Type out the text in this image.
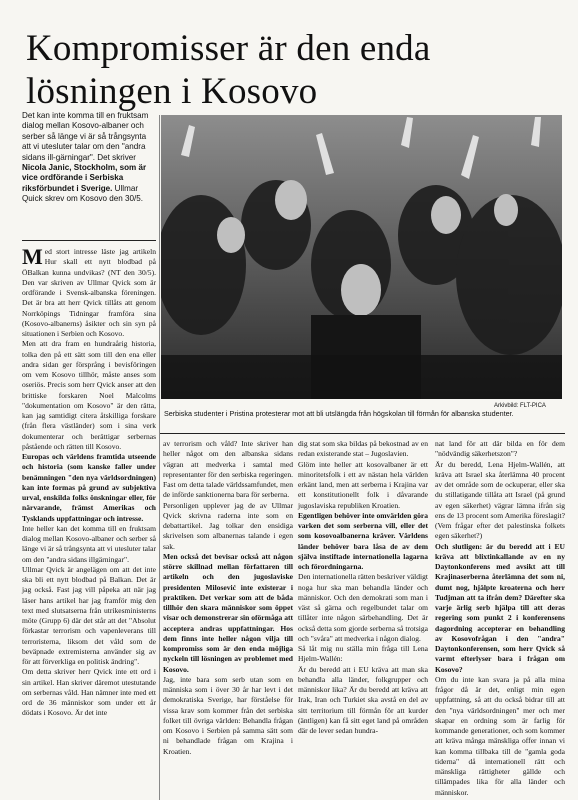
Kompromisser är den enda lösningen i Kosovo
Det kan inte komma till en fruktsam dialog mellan Kosovo-albaner och serber så länge vi är så trångsynta att vi utesluter talar om den "andra sidans ill-gärningar". Det skriver Nicola Janic, Stockholm, som är vice ordförande i Serbiska riksförbundet i Sverige. Ullmar Quick skrev om Kosovo den 30/5.
Arkivbild: FLT-PICA
Serbiska studenter i Pristina protesterar mot att bli utslängda från högskolan till förmån för albanska studenter.

Med stort intresse läste jag artikeln Hur skall ett nytt blodbad på ÖBalkan kunna undvikas? (NT den 30/5). Den var skriven av Ullmar Qvick som är ordförande i Svensk-albanska föreningen. Det är bra att herr Qvick tillåts att genom Norrköpings Tidningar framföra sina (Kosovo-albanerns) åsikter och sin syn på situationen i Serbien och Kosovo.

Men att dra fram en hundraårig historia, tolka den på ett sätt som till den ena eller andra sidan ger försprång i bevisföringen om vem Kosovo tillhör, måste anses som oseriös. Precis som herr Qvick anser att den brittiske forskaren Noel Malcolms "dokumentation om Kosovo" är den rätta, kan jag samtidigt citera åtskilliga forskare (från flera västländer) som i sina verk dokumenterar och berättigar serbernas påstående och rätten till Kosovo.

Europas och världens framtida utseende och historia (som kanske faller under benämningen "den nya världsordningen) kan inte formas på grund av subjektiva urval, enskilda folks önskningar eller, för närvarande, främst Amerikas och Tysklands uppfattningar och intresse.

Inte heller kan det komma till en fruktsam dialog mellan Kosovo-albaner och serber så länge vi är så trångsynta att vi utesluter talar om den "andra sidans illgärningar".

Ullmar Qvick är angelägen om att det inte ska bli ett nytt blodbad på Balkan. Det är jag också. Fast jag vill påpeka att när jag läser hans artikel har jag framför mig den text med slutsatserna från utrikesministerns möte (Grupp 6) där det står att det "Absolut förkastar terrorism och vapenleverans till terroristerna, liksom det våld som de beväpnade extremisterna använder sig av för att förverkliga en politisk ändring".

Om detta skriver herr Qvick inte ett ord i sin artikel. Han skriver däremot utestutande om serbernas våld. Han nämner inte med ett ord de 36 människor som under ett år dödats i Kosovo. Är det inte

av terrorism och våld? Inte skriver han heller något om den albanska sidans vägran att medverka i samtal med representanter för den serbiska regeringen. Fast om detta talade världssamfundet, men de införde sanktionerna bara för serberna.

Personligen upplever jag de av Ullmar Qvick skrivna raderna inte som en debattartikel. Jag tolkar den ensidiga skrivelsen som albanernas talande i egen sak.

Men också det bevisar också att någon större skillnad mellan författaren till artikeln och den jugoslaviske presidenten Milosević inte existerar i praktiken. Det verkar som att de båda tillhör den skara människor som öppet visar och demonstrerar sin oförmåga att acceptera andras uppfattningar. Hos dem finns inte heller någon vilja till kompromiss som är den enda möjliga nyckeln till lösningen av problemet med Kosovo.

Jag, inte bara som serb utan som en människa som i över 30 år har levt i det demokratiska Sverige, har förståelse för vissa krav som kommer från det serbiska folket till övriga världen: Behandla frågan om Kosovo i Serbien på samma sätt som ni behandlade frågan om Krajina i Kroatien.

dig stat som ska bildas på bekostnad av en redan existerande stat – Jugoslavien.

Glöm inte heller att kosovalbaner är ett minoritetsfolk i ett av nästan hela världen erkänt land, men att serberna i Krajina var ett konstitutionellt folk i dåvarande jugoslaviska republiken Kroatien.

Egentligen behöver inte omvärlden göra varken det som serberna vill, eller det som kosovoalbanerna kräver. Världens länder behöver bara låsa de av dem själva instiftade internationella lagarna och förordningarna.

Den internationella rätten beskriver väldigt noga hur ska man behandla länder och människor. Och den demokrati som man i väst så gärna och regelbundet talar om tillåter inte någon särbehandling. Det är också detta som gjorde serberna så trotsiga och "svåra" att medverka i någon dialog.

Så låt mig nu ställa min fråga till Lena Hjelm-Wallén:

Är du beredd att i EU kräva att man ska behandla alla länder, folkgrupper och människor lika? Är du beredd att kräva att Irak, Iran och Turkiet ska avstå en del av sitt territorium till förmån för att kurder (äntligen) kan få sitt eget land på områden där de lever sedan hundra-

nat land för att där bilda en för dem "nödvändig säkerhetszon"?

Är du beredd, Lena Hjelm-Wallén, att kräva att Israel ska återlämna 40 procent av det område som de ockuperar, eller ska du stillatigande tillåta att Israel (på grund av egen säkerhet) vägrar lämna ifrån sig ens de 13 procent som Amerika föreslagit? (Vem frågar efter det palestinska folkets egen säkerhet?)

Och slutligen: är du beredd att i EU kräva att blixtinkallande av en ny Daytonkonferens med avsikt att till Krajinaserberna återlämna det som ni, dumt nog, hjälpte kroaterna och herr Tudjman att ta ifrån dem? Därefter ska varje ärlig serb hjälpa till att deras regering som punkt 2 i konferensens dagordning accepterar en behandling av Kosovofrågan i den "andra" Daytonkonferensen, som herr Qvick så varmt efterlyser bara i frågan om Kosovo?

Om du inte kan svara ja på alla mina frågor då är det, enligt min egen uppfattning, så att du också bidrar till att den "nya världsordningen" mer och mer skapar en ordning som är farlig för kommande generationer, och som kommer att kräva många mänskliga offer innan vi kan komma tillbaka till de "gamla goda tiderna" då internationell rätt och mänskliga rättigheter gällde och tillämpades lika för alla länder och människor.
